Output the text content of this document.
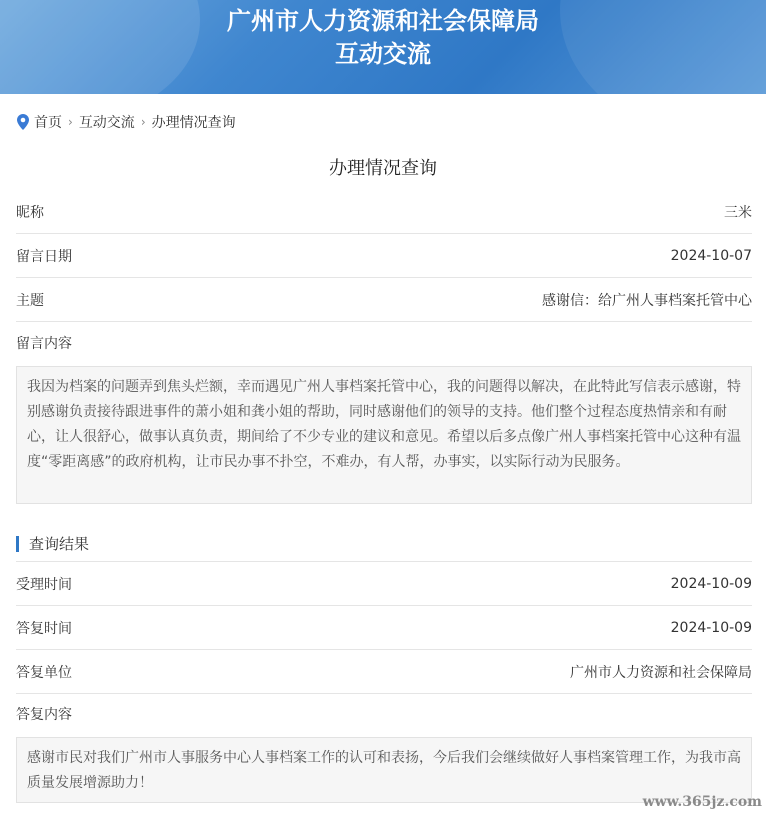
广州市人力资源和社会保障局
互动交流
首页 › 互动交流 › 办理情况查询
办理情况查询
昵称	三米
留言日期	2024-10-07
主题	感谢信：给广州人事档案托管中心
留言内容
我因为档案的问题弄到焦头烂额，幸而遇见广州人事档案托管中心，我的问题得以解决，在此特此写信表示感谢，特别感谢负责接待跟进事件的萧小姐和龚小姐的帮助，同时感谢他们的领导的支持。他们整个过程态度热情亲和有耐心，让人很舒心，做事认真负责，期间给了不少专业的建议和意见。希望以后多点像广州人事档案托管中心这种有温度“零距离感”的政府机构，让市民办事不扑空，不难办，有人帮，办事实，以实际行动为民服务。
查询结果
受理时间	2024-10-09
答复时间	2024-10-09
答复单位	广州市人力资源和社会保障局
答复内容
感谢市民对我们广州市人事服务中心人事档案工作的认可和表扬，今后我们会继续做好人事档案管理工作，为我市高质量发展增源助力！
www.365jz.com
